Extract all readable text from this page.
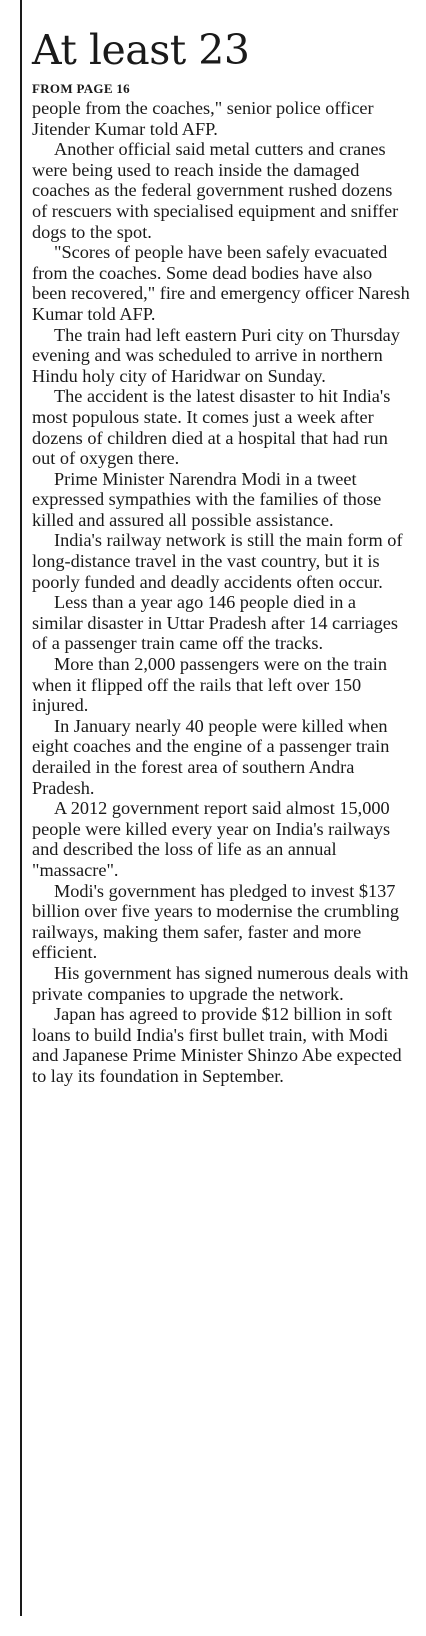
At least 23
FROM PAGE 16

people from the coaches," senior police officer Jitender Kumar told AFP.

Another official said metal cutters and cranes were being used to reach inside the damaged coaches as the federal government rushed dozens of rescuers with specialised equipment and sniffer dogs to the spot.

"Scores of people have been safely evacuated from the coaches. Some dead bodies have also been recovered," fire and emergency officer Naresh Kumar told AFP.

The train had left eastern Puri city on Thursday evening and was scheduled to arrive in northern Hindu holy city of Haridwar on Sunday.

The accident is the latest disaster to hit India's most populous state. It comes just a week after dozens of children died at a hospital that had run out of oxygen there.

Prime Minister Narendra Modi in a tweet expressed sympathies with the families of those killed and assured all possible assistance.

India's railway network is still the main form of long-distance travel in the vast country, but it is poorly funded and deadly accidents often occur.

Less than a year ago 146 people died in a similar disaster in Uttar Pradesh after 14 carriages of a passenger train came off the tracks.

More than 2,000 passengers were on the train when it flipped off the rails that left over 150 injured.

In January nearly 40 people were killed when eight coaches and the engine of a passenger train derailed in the forest area of southern Andra Pradesh.

A 2012 government report said almost 15,000 people were killed every year on India's railways and described the loss of life as an annual "massacre".

Modi's government has pledged to invest $137 billion over five years to modernise the crumbling railways, making them safer, faster and more efficient.

His government has signed numerous deals with private companies to upgrade the network.

Japan has agreed to provide $12 billion in soft loans to build India's first bullet train, with Modi and Japanese Prime Minister Shinzo Abe expected to lay its foundation in September.
